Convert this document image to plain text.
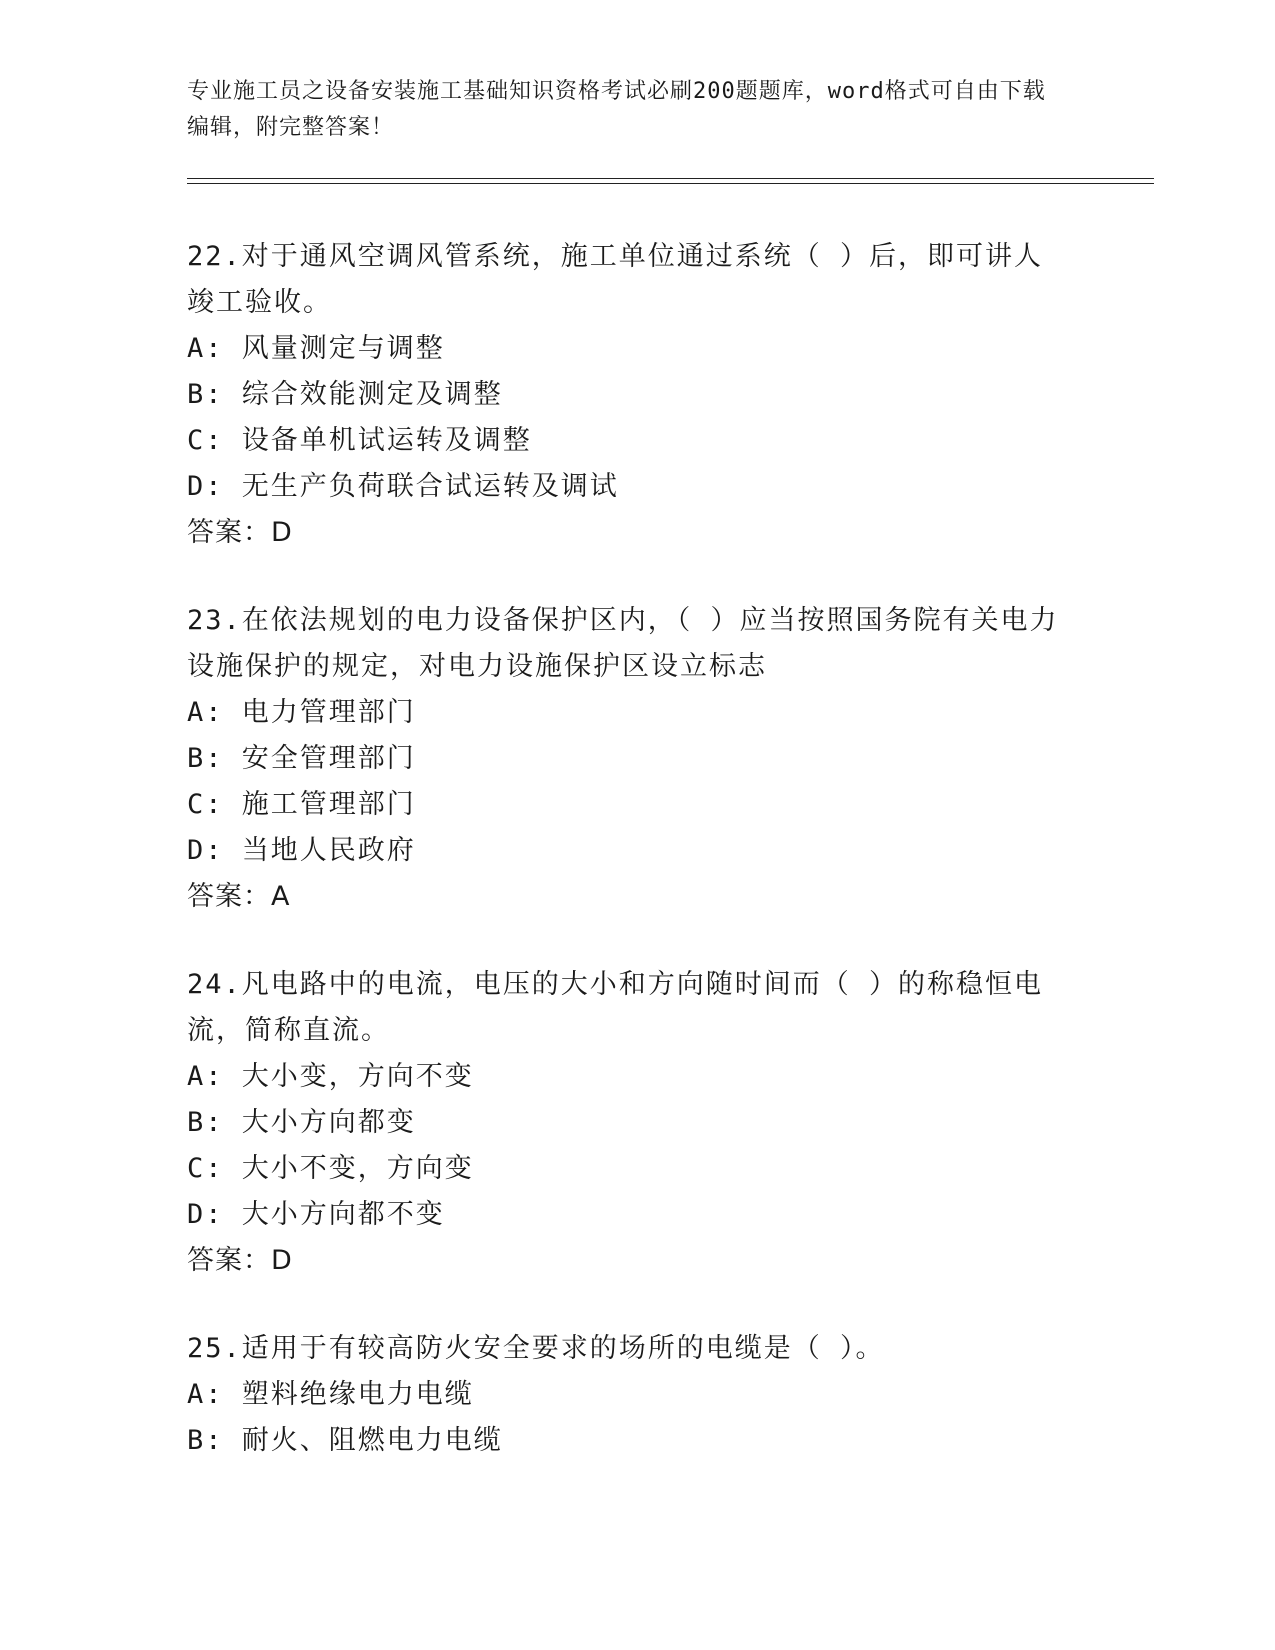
专业施工员之设备安装施工基础知识资格考试必刷200题题库，word格式可自由下载编辑，附完整答案！

22.对于通风空调风管系统，施工单位通过系统（ ）后，即可讲人竣工验收。

A: 风量测定与调整

B: 综合效能测定及调整

C: 设备单机试运转及调整

D: 无生产负荷联合试运转及调试

答案：D

23.在依法规划的电力设备保护区内，（ ）应当按照国务院有关电力设施保护的规定，对电力设施保护区设立标志

A: 电力管理部门

B: 安全管理部门

C: 施工管理部门

D: 当地人民政府

答案：A

24.凡电路中的电流，电压的大小和方向随时间而（ ）的称稳恒电流，简称直流。

A: 大小变，方向不变

B: 大小方向都变

C: 大小不变，方向变

D: 大小方向都不变

答案：D

25.适用于有较高防火安全要求的场所的电缆是（ ）。

A: 塑料绝缘电力电缆

B: 耐火、阻燃电力电缆
